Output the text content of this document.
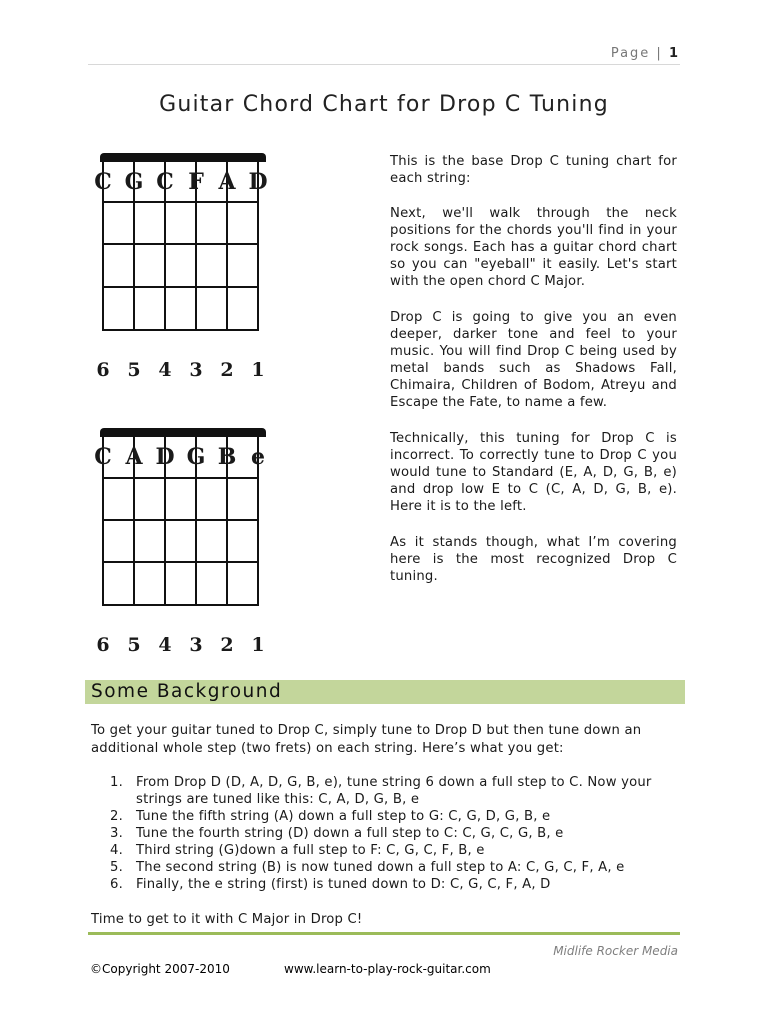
Page | 1
Guitar Chord Chart for Drop C Tuning
C G C F A D
6 5 4 3 2 1
C A D G B e
6 5 4 3 2 1

This is the base Drop C tuning chart for each string:

Next, we'll walk through the neck positions for the chords you'll find in your rock songs. Each has a guitar chord chart so you can "eyeball" it easily. Let's start with the open chord C Major.

Drop C is going to give you an even deeper, darker tone and feel to your music. You will find Drop C being used by metal bands such as Shadows Fall, Chimaira, Children of Bodom, Atreyu and Escape the Fate, to name a few.

Technically, this tuning for Drop C is incorrect. To correctly tune to Drop C you would tune to Standard (E, A, D, G, B, e) and drop low E to C (C, A, D, G, B, e). Here it is to the left.

As it stands though, what I’m covering here is the most recognized Drop C tuning.

Some Background

To get your guitar tuned to Drop C, simply tune to Drop D but then tune down an additional whole step (two frets) on each string. Here’s what you get:

1. From Drop D (D, A, D, G, B, e), tune string 6 down a full step to C. Now your strings are tuned like this: C, A, D, G, B, e
2. Tune the fifth string (A) down a full step to G: C, G, D, G, B, e
3. Tune the fourth string (D) down a full step to C: C, G, C, G, B, e
4. Third string (G)down a full step to F: C, G, C, F, B, e
5. The second string (B) is now tuned down a full step to A: C, G, C, F, A, e
6. Finally, the e string (first) is tuned down to D: C, G, C, F, A, D

Time to get to it with C Major in Drop C!

Midlife Rocker Media
©Copyright 2007-2010	www.learn-to-play-rock-guitar.com
